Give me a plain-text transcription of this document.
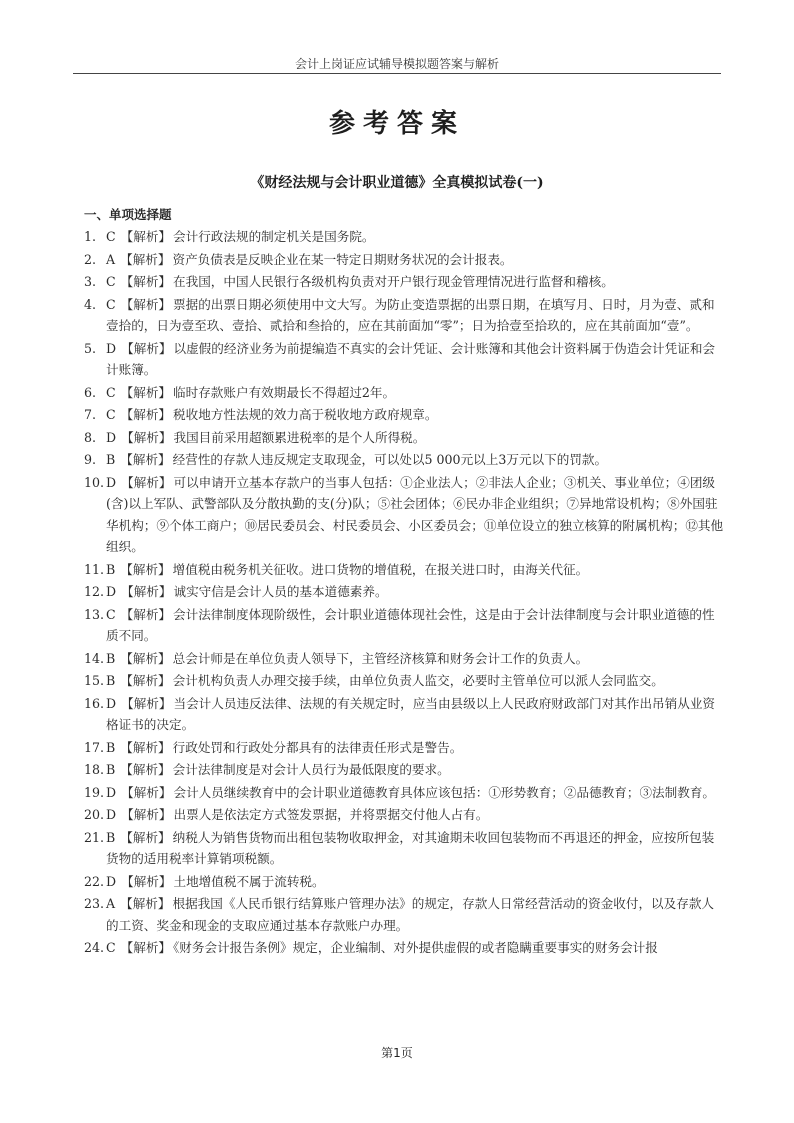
会计上岗证应试辅导模拟题答案与解析
参考答案
《财经法规与会计职业道德》全真模拟试卷(一)
一、单项选择题
1. C 【解析】 会计行政法规的制定机关是国务院。
2. A 【解析】 资产负债表是反映企业在某一特定日期财务状况的会计报表。
3. C 【解析】 在我国，中国人民银行各级机构负责对开户银行现金管理情况进行监督和稽核。
4. C 【解析】 票据的出票日期必须使用中文大写。为防止变造票据的出票日期，在填写月、日时，月为壹、贰和壹拾的，日为壹至玖、壹拾、贰拾和叁拾的，应在其前面加“零”；日为拾壹至拾玖的，应在其前面加“壹”。
5. D 【解析】 以虚假的经济业务为前提编造不真实的会计凭证、会计账簿和其他会计资料属于伪造会计凭证和会计账簿。
6. C 【解析】 临时存款账户有效期最长不得超过2年。
7. C 【解析】 税收地方性法规的效力高于税收地方政府规章。
8. D 【解析】 我国目前采用超额累进税率的是个人所得税。
9. B 【解析】 经营性的存款人违反规定支取现金，可以处以5 000元以上3万元以下的罚款。
10. D 【解析】 可以申请开立基本存款户的当事人包括：①企业法人；②非法人企业；③机关、事业单位；④团级(含)以上军队、武警部队及分散执勤的支(分)队；⑤社会团体；⑥民办非企业组织；⑦异地常设机构；⑧外国驻华机构；⑨个体工商户；⑩居民委员会、村民委员会、小区委员会；⑪单位设立的独立核算的附属机构；⑫其他组织。
11. B 【解析】 增值税由税务机关征收。进口货物的增值税，在报关进口时，由海关代征。
12. D 【解析】 诚实守信是会计人员的基本道德素养。
13. C 【解析】 会计法律制度体现阶级性，会计职业道德体现社会性，这是由于会计法律制度与会计职业道德的性质不同。
14. B 【解析】 总会计师是在单位负责人领导下，主管经济核算和财务会计工作的负责人。
15. B 【解析】 会计机构负责人办理交接手续，由单位负责人监交，必要时主管单位可以派人会同监交。
16. D 【解析】 当会计人员违反法律、法规的有关规定时，应当由县级以上人民政府财政部门对其作出吊销从业资格证书的决定。
17. B 【解析】 行政处罚和行政处分都具有的法律责任形式是警告。
18. B 【解析】 会计法律制度是对会计人员行为最低限度的要求。
19. D 【解析】 会计人员继续教育中的会计职业道德教育具体应该包括：①形势教育；②品德教育；③法制教育。
20. D 【解析】 出票人是依法定方式签发票据，并将票据交付他人占有。
21. B 【解析】 纳税人为销售货物而出租包装物收取押金，对其逾期未收回包装物而不再退还的押金，应按所包装货物的适用税率计算销项税额。
22. D 【解析】 土地增值税不属于流转税。
23. A 【解析】 根据我国《人民币银行结算账户管理办法》的规定，存款人日常经营活动的资金收付，以及存款人的工资、奖金和现金的支取应通过基本存款账户办理。
24. C 【解析】 《财务会计报告条例》规定，企业编制、对外提供虚假的或者隐瞒重要事实的财务会计报
第1页
